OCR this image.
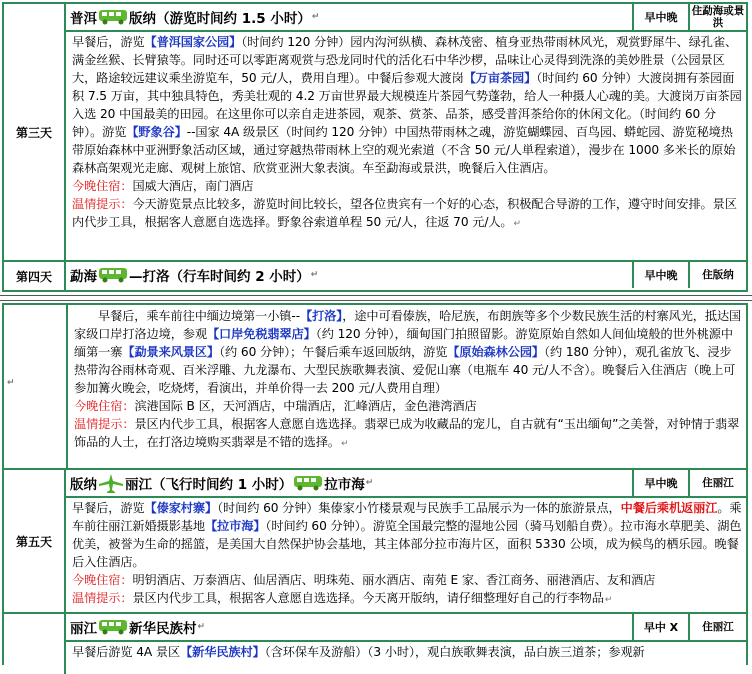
第三天
普洱 版纳（游览时间约 1.5 小时） ↵	早中晚	住勐海或景洪

早餐后，游览【普洱国家公园】（时间约 120 分钟）园内沟河纵横、森林茂密、植身亚热带雨林风光，观赏野犀牛、绿孔雀、满金丝猴、长臂猿等。同时还可以零距离观赏与恐龙同时代的活化石中华沙椤，品味让心灵得到洗涤的美妙胜景（公园景区大，路途较远建议乘坐游览车，50 元/人，费用自理）。中餐后参观大渡岗【万亩茶园】（时间约 60 分钟）大渡岗拥有茶园面积 7.5 万亩，其中独具特色，秀美壮观的 4.2 万亩世界最大规模连片茶园气势蓬勃，给人一种摄人心魂的美。大渡岗万亩茶园入选 20 中国最美的田园。在这里你可以亲自走进茶园，观茶、赏茶、品茶，感受普洱茶给你的休闲文化。（时间约 60 分钟）。游览【野象谷】--国家 4A 级景区（时间约 120 分钟）中国热带雨林之魂，游览蝴蝶园、百鸟园、蟒蛇园、游览秘境热带原始森林中亚洲野象活动区域，通过穿越热带雨林上空的观光索道（不含 50 元/人単程索道），漫步在 1000 多米长的原始森林高架观光走廊、观树上旅馆、欣赏亚洲大象表演。车至勐海或景洪，晚餐后入住酒店。

今晚住宿：国威大酒店，南门酒店

温情提示：今天游览景点比较多，游览时间比较长，望各位贵宾有一个好的心态，积极配合导游的工作，遵守时间安排。景区内代步工具，根据客人意愿自选选择。野象谷索道单程 50 元/人，往返 70 元/人。↵

第四天	勐海 —打洛（行车时间约 2 小时） ↵	早中晚	住版纳
↵

早餐后，乘车前往中缅边境第一小镇--【打洛】，途中可看傣族，哈尼族，布朗族等多个少数民族生活的村寨风光，抵达国家级口岸打洛边境，参观【口岸免税翡翠店】（约 120 分钟），缅甸国门拍照留影。游览原始自然如人间仙境般的世外桃源中缅第一寨【勐景来风景区】（约 60 分钟）；午餐后乘车返回版纳，游览【原始森林公园】（约 180 分钟），观孔雀放飞、浸步热带沟谷雨林奇观、百米浮雕、九龙瀑布、大型民族歌舞表演、爱伲山寨（电瓶车 40 元/人不含）。晚餐后入住酒店（晚上可参加篝火晚会，吃烧烤，看演出，并单价得一去 200 元/人费用自理）

今晚住宿：滨港国际 B 区，天河酒店，中瑞酒店，汇峰酒店，金色港湾酒店

温情提示：景区内代步工具，根据客人意愿自选选择。翡翠已成为收藏品的宠儿，自古就有“玉出缅甸”之美誉，对钟情于翡翠饰品的人士，在打洛边境购买翡翠是不错的选择。↵

第五天
版纳 丽江（飞行时间约 1 小时） 拉市海 ↵	早中晚	住丽江

早餐后，游览【傣家村寨】（时间约 60 分钟）集傣家小竹楼景观与民族手工品展示为一体的旅游景点，中餐后乘机返丽江。乘车前往丽江新婚摄影基地【拉市海】（时间约 60 分钟）。游览全国最完整的湿地公园（骑马划船自费）。拉市海水草肥美、湖色优美，被誉为生命的摇篮，是美国大自然保护协会基地，其主体部分拉市海片区，面积 5330 公顷，成为候鸟的栖乐园。晚餐后入住酒店。

今晚住宿：明钥酒店、万泰酒店、仙居酒店、明珠苑、丽水酒店、南苑 E 家、香江商务、丽港酒店、友和酒店

温情提示：景区内代步工具，根据客人意愿自选选择。今天离开版纳，请仔细整理好自己的行李物品↵

丽江 新华民族村 ↵	早中 X	住丽江

早餐后游览 4A 景区【新华民族村】（含环保车及游船）（3 小时），观白族歌舞表演，品白族三道茶；参观新
